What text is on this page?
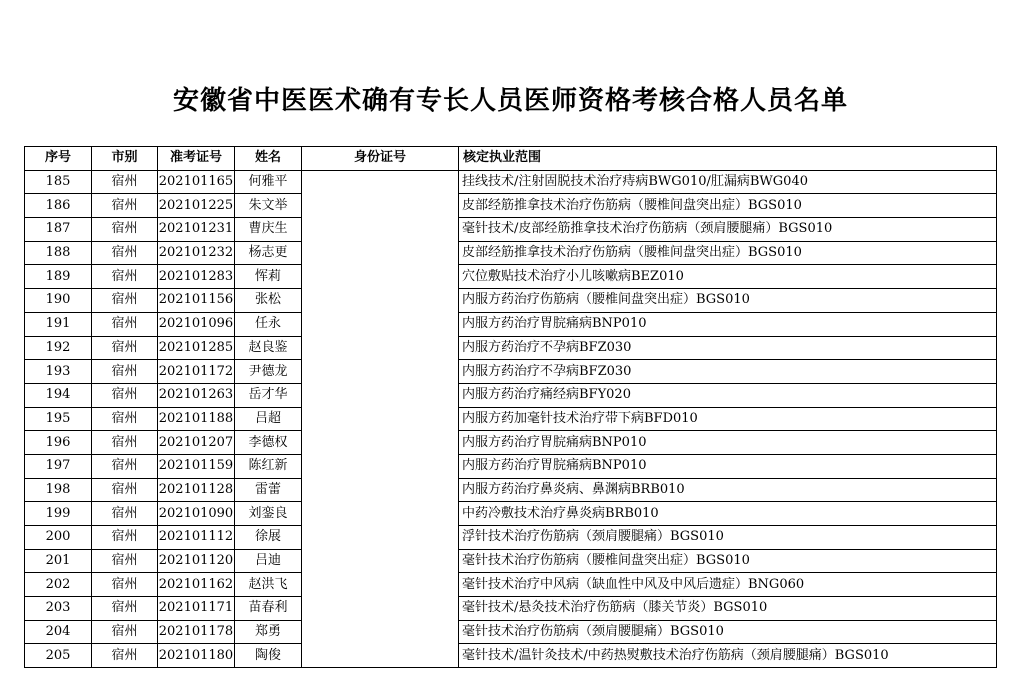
安徽省中医医术确有专长人员医师资格考核合格人员名单
序号	市别	准考证号	姓名	身份证号	核定执业范围
185	宿州	202101165	何雅平		挂线技术/注射固脱技术治疗痔病BWG010/肛漏病BWG040
186	宿州	202101225	朱文举		皮部经筋推拿技术治疗伤筋病（腰椎间盘突出症）BGS010
187	宿州	202101231	曹庆生		毫针技术/皮部经筋推拿技术治疗伤筋病（颈肩腰腿痛）BGS010
188	宿州	202101232	杨志更		皮部经筋推拿技术治疗伤筋病（腰椎间盘突出症）BGS010
189	宿州	202101283	恽莉		穴位敷贴技术治疗小儿咳嗽病BEZ010
190	宿州	202101156	张松		内服方药治疗伤筋病（腰椎间盘突出症）BGS010
191	宿州	202101096	任永		内服方药治疗胃脘痛病BNP010
192	宿州	202101285	赵良鉴		内服方药治疗不孕病BFZ030
193	宿州	202101172	尹德龙		内服方药治疗不孕病BFZ030
194	宿州	202101263	岳才华		内服方药治疗痛经病BFY020
195	宿州	202101188	吕超		内服方药加毫针技术治疗带下病BFD010
196	宿州	202101207	李德权		内服方药治疗胃脘痛病BNP010
197	宿州	202101159	陈红新		内服方药治疗胃脘痛病BNP010
198	宿州	202101128	雷蕾		内服方药治疗鼻炎病、鼻渊病BRB010
199	宿州	202101090	刘銮良		中药冷敷技术治疗鼻炎病BRB010
200	宿州	202101112	徐展		浮针技术治疗伤筋病（颈肩腰腿痛）BGS010
201	宿州	202101120	吕迪		毫针技术治疗伤筋病（腰椎间盘突出症）BGS010
202	宿州	202101162	赵洪飞		毫针技术治疗中风病（缺血性中风及中风后遗症）BNG060
203	宿州	202101171	苗春利		毫针技术/悬灸技术治疗伤筋病（膝关节炎）BGS010
204	宿州	202101178	郑勇		毫针技术治疗伤筋病（颈肩腰腿痛）BGS010
205	宿州	202101180	陶俊		毫针技术/温针灸技术/中药热熨敷技术治疗伤筋病（颈肩腰腿痛）BGS010
